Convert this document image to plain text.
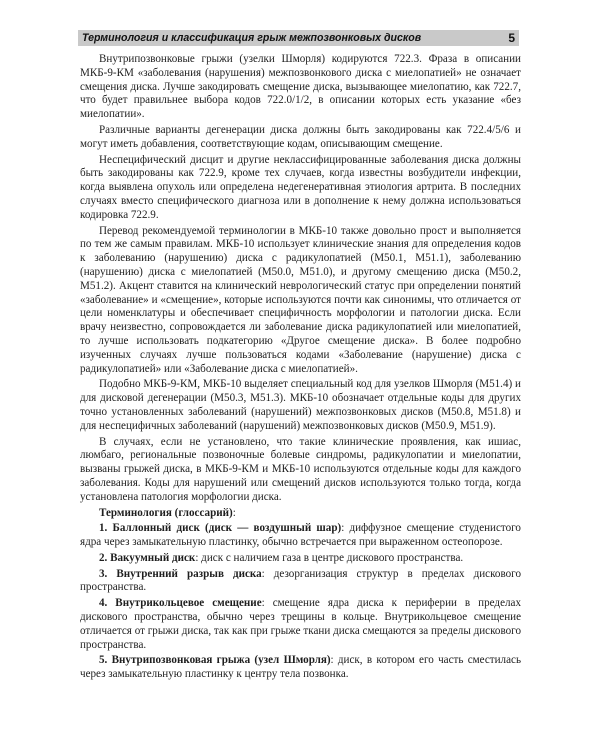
Терминология и классификация грыж межпозвонковых дисков	5

Внутрипозвонковые грыжи (узелки Шморля) кодируются 722.3. Фраза в описании МКБ-9-КМ «заболевания (нарушения) межпозвонкового диска с миелопатией» не означает смещения диска. Лучше закодировать смещение диска, вызывающее миелопатию, как 722.7, что будет правильнее выбора кодов 722.0/1/2, в описании которых есть указание «без миелопатии».

Различные варианты дегенерации диска должны быть закодированы как 722.4/5/6 и могут иметь добавления, соответствующие кодам, описывающим смещение.

Неспецифический дисцит и другие неклассифицированные заболевания диска должны быть закодированы как 722.9, кроме тех случаев, когда известны возбудители инфекции, когда выявлена опухоль или определена недегенеративная этиология артрита. В последних случаях вместо специфического диагноза или в дополнение к нему должна использоваться кодировка 722.9.

Перевод рекомендуемой терминологии в МКБ-10 также довольно прост и выполняется по тем же самым правилам. МКБ-10 использует клинические знания для определения кодов к заболеванию (нарушению) диска с радикулопатией (M50.1, M51.1), заболеванию (нарушению) диска с миелопатией (M50.0, M51.0), и другому смещению диска (M50.2, M51.2). Акцент ставится на клинический неврологический статус при определении понятий «заболевание» и «смещение», которые используются почти как синонимы, что отличается от цели номенклатуры и обеспечивает специфичность морфологии и патологии диска. Если врачу неизвестно, сопровождается ли заболевание диска радикулопатией или миелопатией, то лучше использовать подкатегорию «Другое смещение диска». В более подробно изученных случаях лучше пользоваться кодами «Заболевание (нарушение) диска с радикулопатией» или «Заболевание диска с миелопатией».

Подобно МКБ-9-КМ, МКБ-10 выделяет специальный код для узелков Шморля (M51.4) и для дисковой дегенерации (M50.3, M51.3). МКБ-10 обозначает отдельные коды для других точно установленных заболеваний (нарушений) межпозвонковых дисков (M50.8, M51.8) и для неспецифичных заболеваний (нарушений) межпозвонковых дисков (M50.9, M51.9).

В случаях, если не установлено, что такие клинические проявления, как ишиас, люмбаго, региональные позвоночные болевые синдромы, радикулопатии и миелопатии, вызваны грыжей диска, в МКБ-9-КМ и МКБ-10 используются отдельные коды для каждого заболевания. Коды для нарушений или смещений дисков используются только тогда, когда установлена патология морфологии диска.

Терминология (глоссарий):

1. Баллонный диск (диск — воздушный шар): диффузное смещение студенистого ядра через замыкательную пластинку, обычно встречается при выраженном остеопорозе.

2. Вакуумный диск: диск с наличием газа в центре дискового пространства.

3. Внутренний разрыв диска: дезорганизация структур в пределах дискового пространства.

4. Внутрикольцевое смещение: смещение ядра диска к периферии в пределах дискового пространства, обычно через трещины в кольце. Внутрикольцевое смещение отличается от грыжи диска, так как при грыже ткани диска смещаются за пределы дискового пространства.

5. Внутрипозвонковая грыжа (узел Шморля): диск, в котором его часть сместилась через замыкательную пластинку к центру тела позвонка.
